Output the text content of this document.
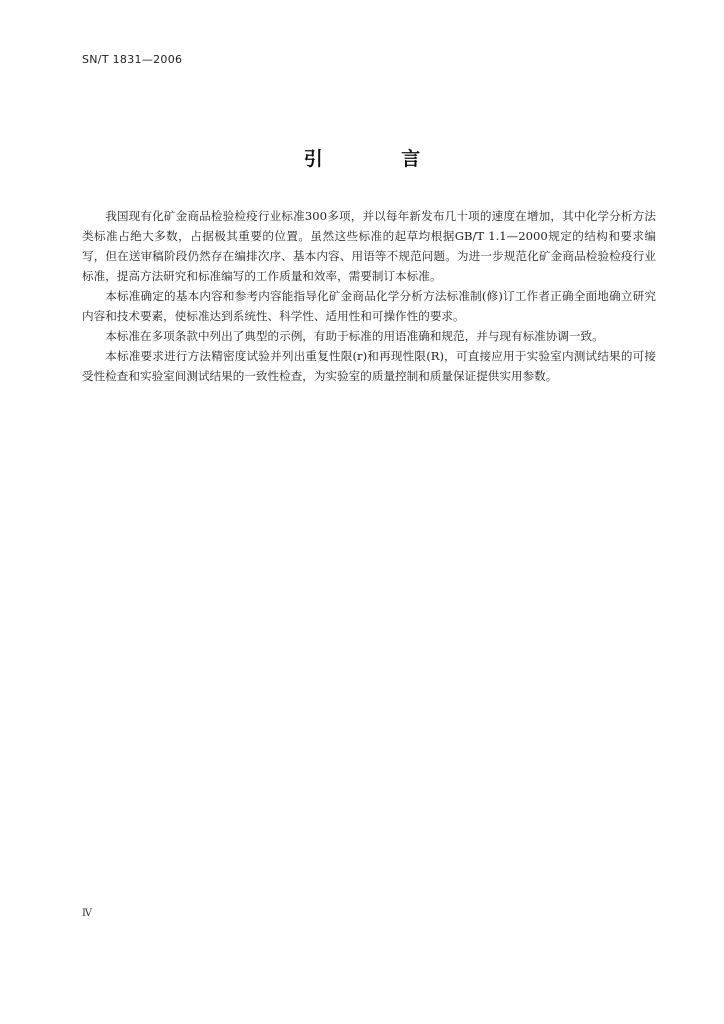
SN/T 1831—2006
引 言

我国现有化矿金商品检验检疫行业标准300多项，并以每年新发布几十项的速度在增加，其中化学分析方法类标准占绝大多数，占据极其重要的位置。虽然这些标准的起草均根据GB/T 1.1—2000规定的结构和要求编写，但在送审稿阶段仍然存在编排次序、基本内容、用语等不规范问题。为进一步规范化矿金商品检验检疫行业标准，提高方法研究和标准编写的工作质量和效率，需要制订本标准。

本标准确定的基本内容和参考内容能指导化矿金商品化学分析方法标准制(修)订工作者正确全面地确立研究内容和技术要素，使标准达到系统性、科学性、适用性和可操作性的要求。

本标准在多项条款中列出了典型的示例，有助于标准的用语准确和规范，并与现有标准协调一致。

本标准要求进行方法精密度试验并列出重复性限(r)和再现性限(R)，可直接应用于实验室内测试结果的可接受性检查和实验室间测试结果的一致性检查，为实验室的质量控制和质量保证提供实用参数。

Ⅳ
